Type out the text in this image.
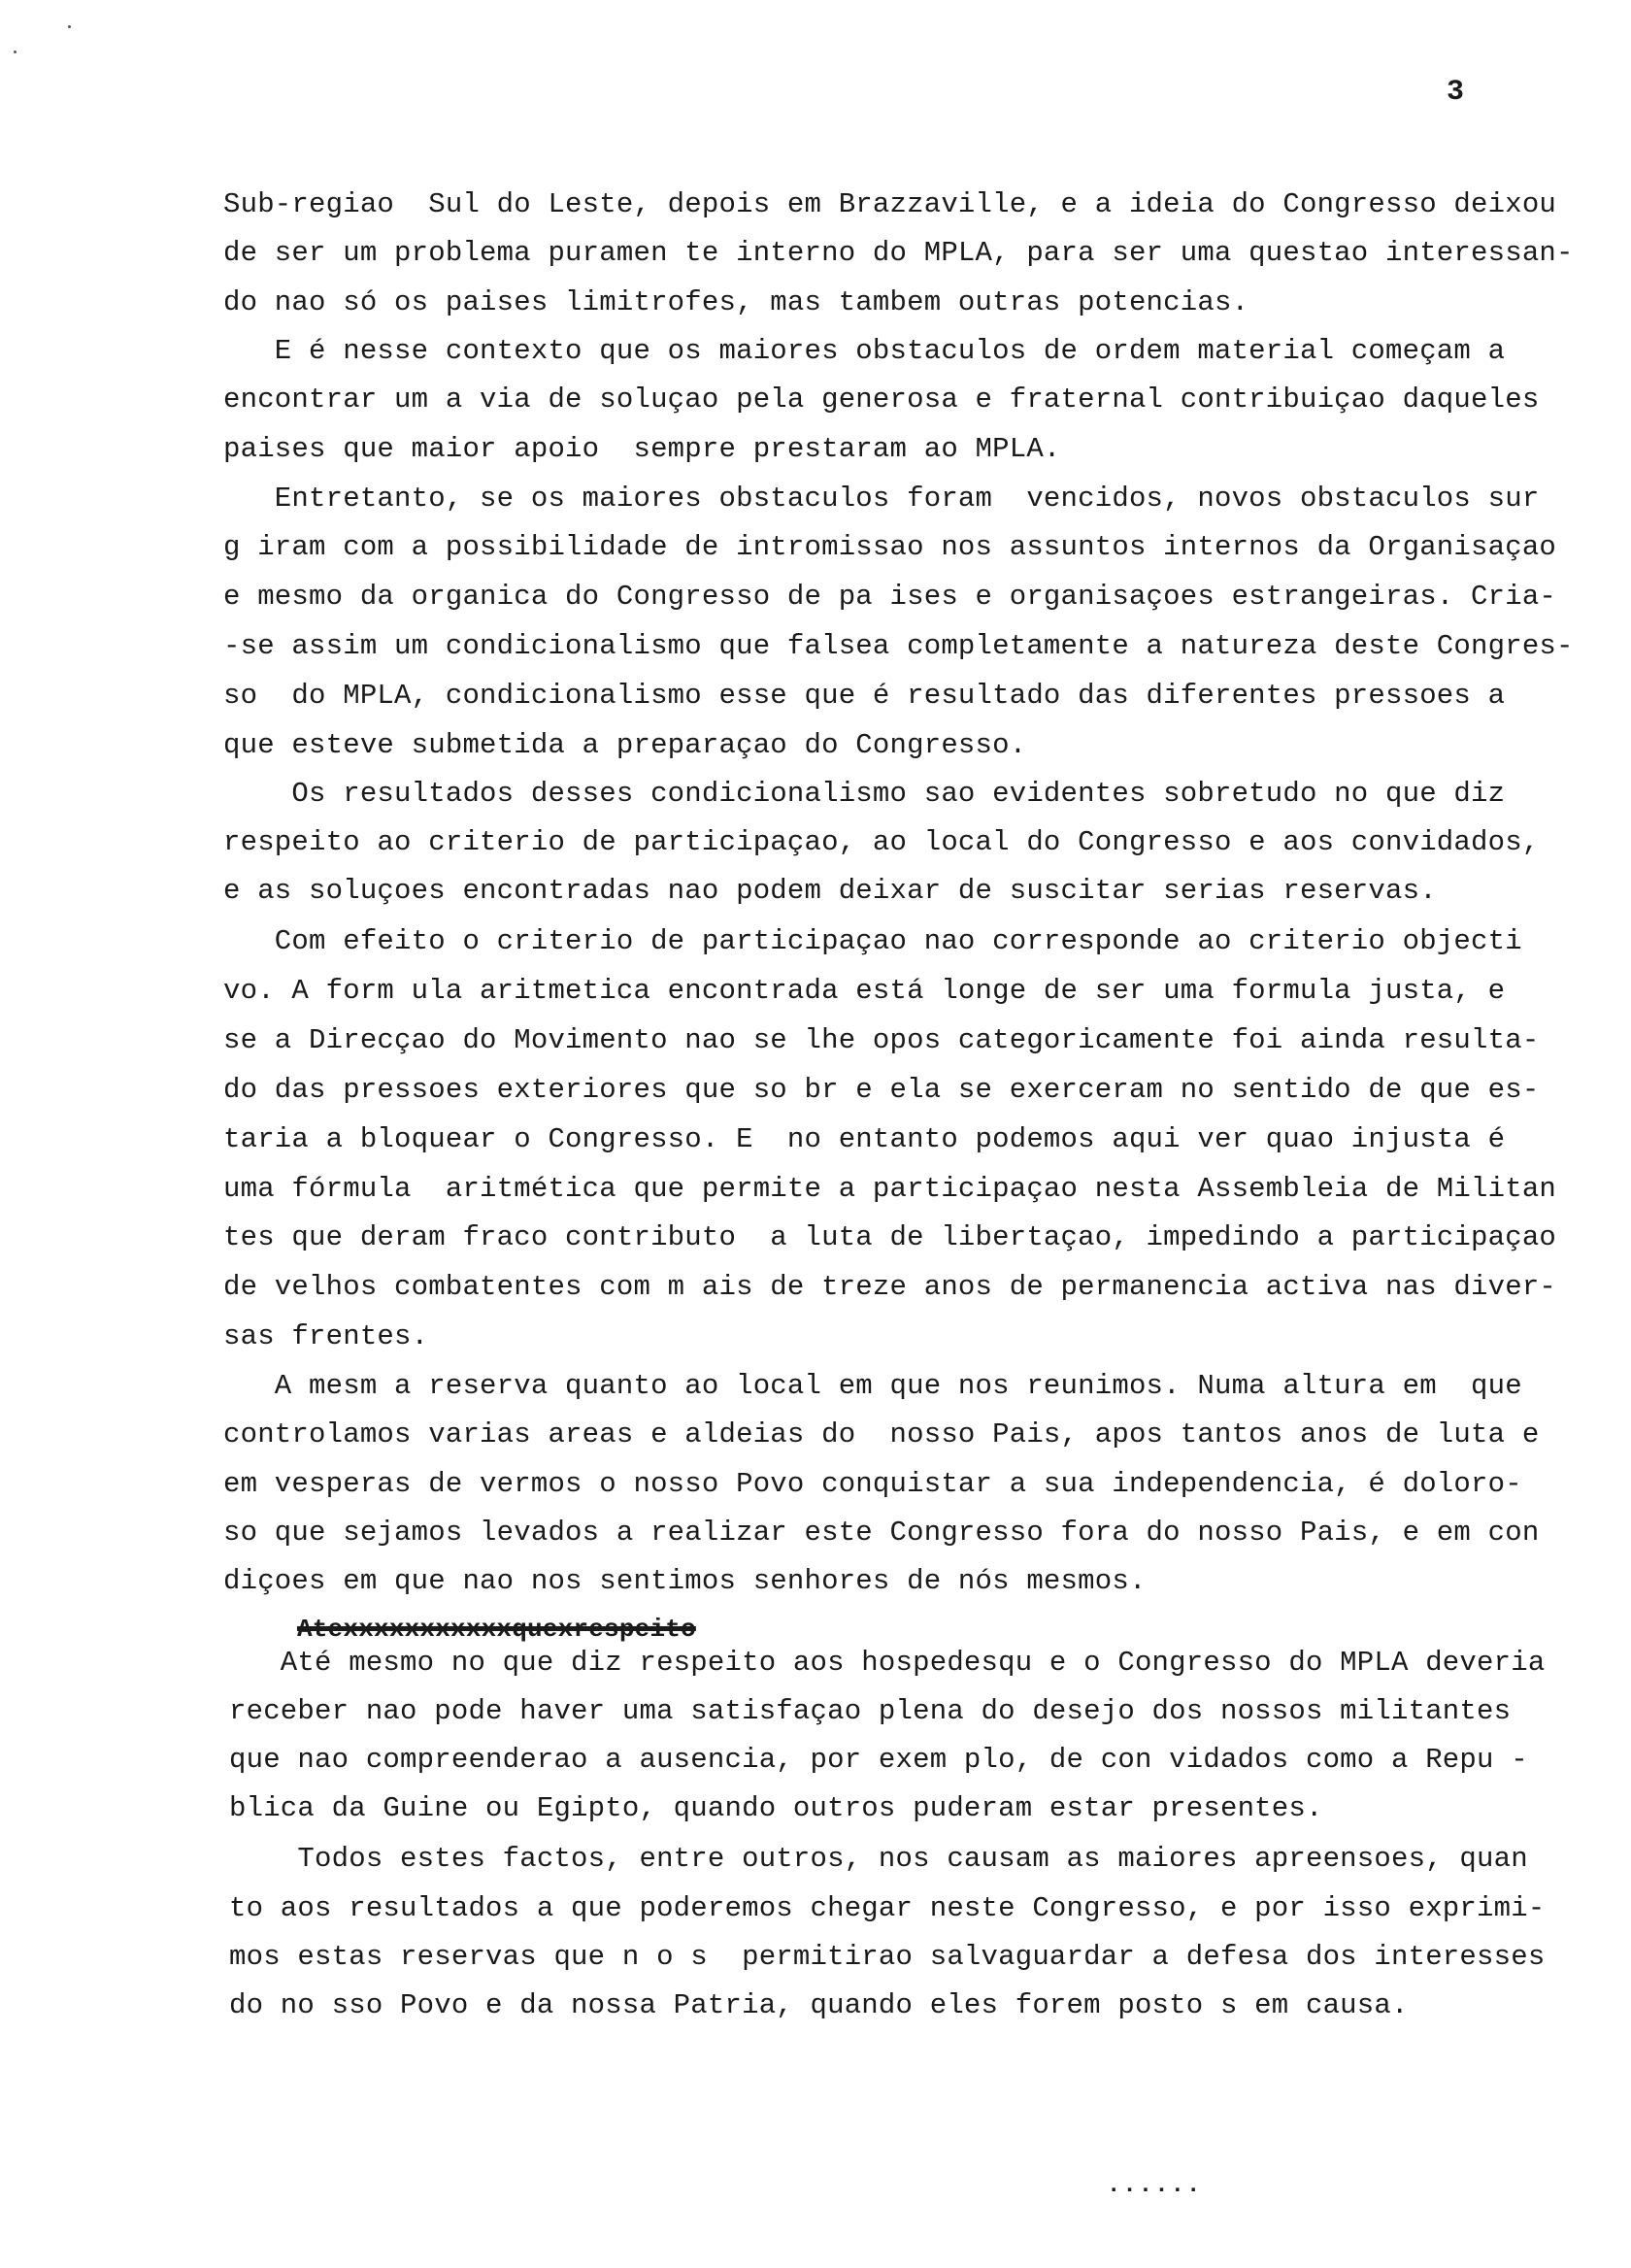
3
Sub-regiao  Sul do Leste, depois em Brazzaville, e a ideia do Congresso deixou
de ser um problema puramen te interno do MPLA, para ser uma questao interessan-
do nao só os paises limitrofes, mas tambem outras potencias.
E é nesse contexto que os maiores obstaculos de ordem material começam a
encontrar um a via de soluçao pela generosa e fraternal contribuiçao daqueles
paises que maior apoio  sempre prestaram ao MPLA.
Entretanto, se os maiores obstaculos foram  vencidos, novos obstaculos sur
g iram com a possibilidade de intromissao nos assuntos internos da Organisaçao
e mesmo da organica do Congresso de pa ises e organisaçoes estrangeiras. Cria-
-se assim um condicionalismo que falsea completamente a natureza deste Congres-
so  do MPLA, condicionalismo esse que é resultado das diferentes pressoes a
que esteve submetida a preparaçao do Congresso.
Os resultados desses condicionalismo sao evidentes sobretudo no que diz
respeito ao criterio de participaçao, ao local do Congresso e aos convidados,
e as soluçoes encontradas nao podem deixar de suscitar serias reservas.
Com efeito o criterio de participaçao nao corresponde ao criterio objecti
vo. A form ula aritmetica encontrada está longe de ser uma formula justa, e
se a Direcçao do Movimento nao se lhe opos categoricamente foi ainda resulta-
do das pressoes exteriores que so br e ela se exerceram no sentido de que es-
taria a bloquear o Congresso. E  no entanto podemos aqui ver quao injusta é
uma fórmula  aritmética que permite a participaçao nesta Assembleia de Militan
tes que deram fraco contributo  a luta de libertaçao, impedindo a participaçao
de velhos combatentes com m ais de treze anos de permanencia activa nas diver-
sas frentes.
A mesm a reserva quanto ao local em que nos reunimos. Numa altura em  que
controlamos varias areas e aldeias do  nosso Pais, apos tantos anos de luta e
em vesperas de vermos o nosso Povo conquistar a sua independencia, é doloro-
so que sejamos levados a realizar este Congresso fora do nosso Pais, e em con
diçoes em que nao nos sentimos senhores de nós mesmos.
Atexxxxxxxxxxxquexrespeito
Até mesmo no que diz respeito aos hospedesqu e o Congresso do MPLA deveria
receber nao pode haver uma satisfaçao plena do desejo dos nossos militantes
que nao compreenderao a ausencia, por exem plo, de con vidados como a Repu -
blica da Guine ou Egipto, quando outros puderam estar presentes.
Todos estes factos, entre outros, nos causam as maiores apreensoes, quan
to aos resultados a que poderemos chegar neste Congresso, e por isso exprimi-
mos estas reservas que n o s  permitirao salvaguardar a defesa dos interesses
do no sso Povo e da nossa Patria, quando eles forem posto s em causa.
......
